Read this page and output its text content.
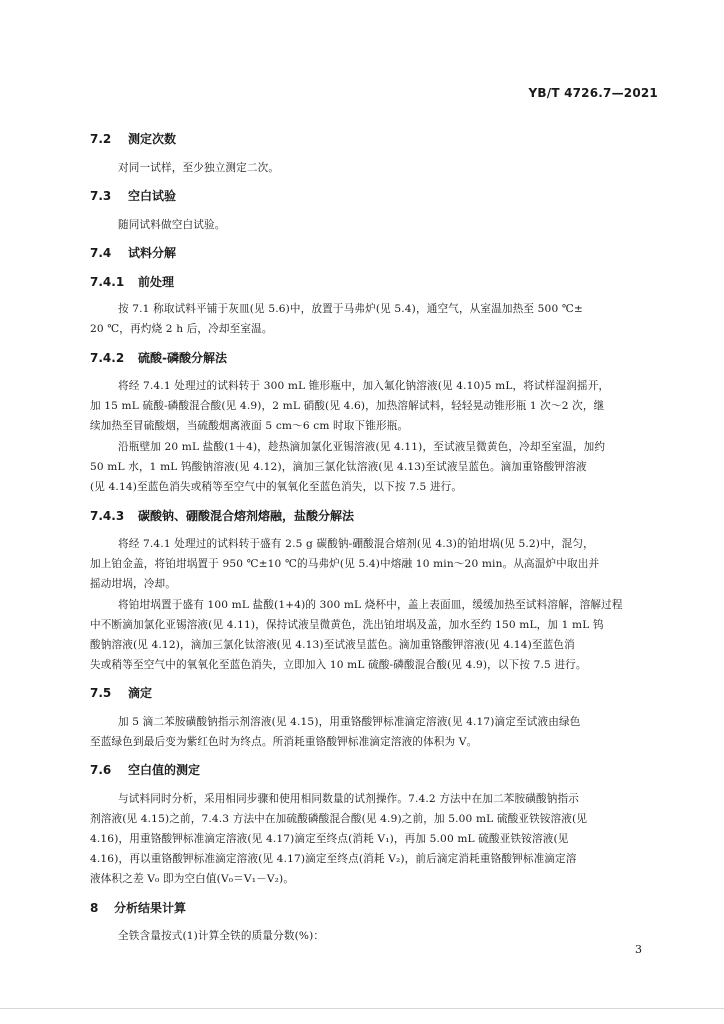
YB/T 4726.7—2021
7.2 测定次数
对同一试样，至少独立测定二次。
7.3 空白试验
随同试料做空白试验。
7.4 试料分解
7.4.1 前处理
按 7.1 称取试料平铺于灰皿(见 5.6)中，放置于马弗炉(见 5.4)，通空气，从室温加热至 500 ℃±
20 ℃，再灼烧 2 h 后，冷却至室温。
7.4.2 硫酸-磷酸分解法
将经 7.4.1 处理过的试料转于 300 mL 锥形瓶中，加入氟化钠溶液(见 4.10)5 mL，将试样湿润摇开，
加 15 mL 硫酸-磷酸混合酸(见 4.9)，2 mL 硝酸(见 4.6)，加热溶解试料，轻轻晃动锥形瓶 1 次～2 次，继
续加热至冒硫酸烟，当硫酸烟离液面 5 cm～6 cm 时取下锥形瓶。
沿瓶壁加 20 mL 盐酸(1＋4)，趁热滴加氯化亚锡溶液(见 4.11)，至试液呈微黄色，冷却至室温，加约
50 mL 水，1 mL 钨酸钠溶液(见 4.12)，滴加三氯化钛溶液(见 4.13)至试液呈蓝色。滴加重铬酸钾溶液
(见 4.14)至蓝色消失或稍等至空气中的氧氧化至蓝色消失，以下按 7.5 进行。
7.4.3 碳酸钠、硼酸混合熔剂熔融，盐酸分解法
将经 7.4.1 处理过的试料转于盛有 2.5 g 碳酸钠-硼酸混合熔剂(见 4.3)的铂坩埚(见 5.2)中，混匀，
加上铂金盖，将铂坩埚置于 950 ℃±10 ℃的马弗炉(见 5.4)中熔融 10 min～20 min。从高温炉中取出并
摇动坩埚，冷却。
将铂坩埚置于盛有 100 mL 盐酸(1+4)的 300 mL 烧杯中，盖上表面皿，缓缓加热至试料溶解，溶解过程
中不断滴加氯化亚锡溶液(见 4.11)，保持试液呈微黄色，洗出铂坩埚及盖，加水至约 150 mL，加 1 mL 钨
酸钠溶液(见 4.12)，滴加三氯化钛溶液(见 4.13)至试液呈蓝色。滴加重铬酸钾溶液(见 4.14)至蓝色消
失或稍等至空气中的氧氧化至蓝色消失，立即加入 10 mL 硫酸-磷酸混合酸(见 4.9)，以下按 7.5 进行。
7.5 滴定
加 5 滴二苯胺磺酸钠指示剂溶液(见 4.15)，用重铬酸钾标准滴定溶液(见 4.17)滴定至试液由绿色
至蓝绿色到最后变为紫红色时为终点。所消耗重铬酸钾标准滴定溶液的体积为 V。
7.6 空白值的测定
与试料同时分析，采用相同步骤和使用相同数量的试剂操作。7.4.2 方法中在加二苯胺磺酸钠指示
剂溶液(见 4.15)之前，7.4.3 方法中在加硫酸磷酸混合酸(见 4.9)之前，加 5.00 mL 硫酸亚铁铵溶液(见
4.16)，用重铬酸钾标准滴定溶液(见 4.17)滴定至终点(消耗 V₁)，再加 5.00 mL 硫酸亚铁铵溶液(见
4.16)，再以重铬酸钾标准滴定溶液(见 4.17)滴定至终点(消耗 V₂)，前后滴定消耗重铬酸钾标准滴定溶
液体积之差 V₀ 即为空白值(V₀＝V₁－V₂)。
8 分析结果计算
全铁含量按式(1)计算全铁的质量分数(%)：
3
